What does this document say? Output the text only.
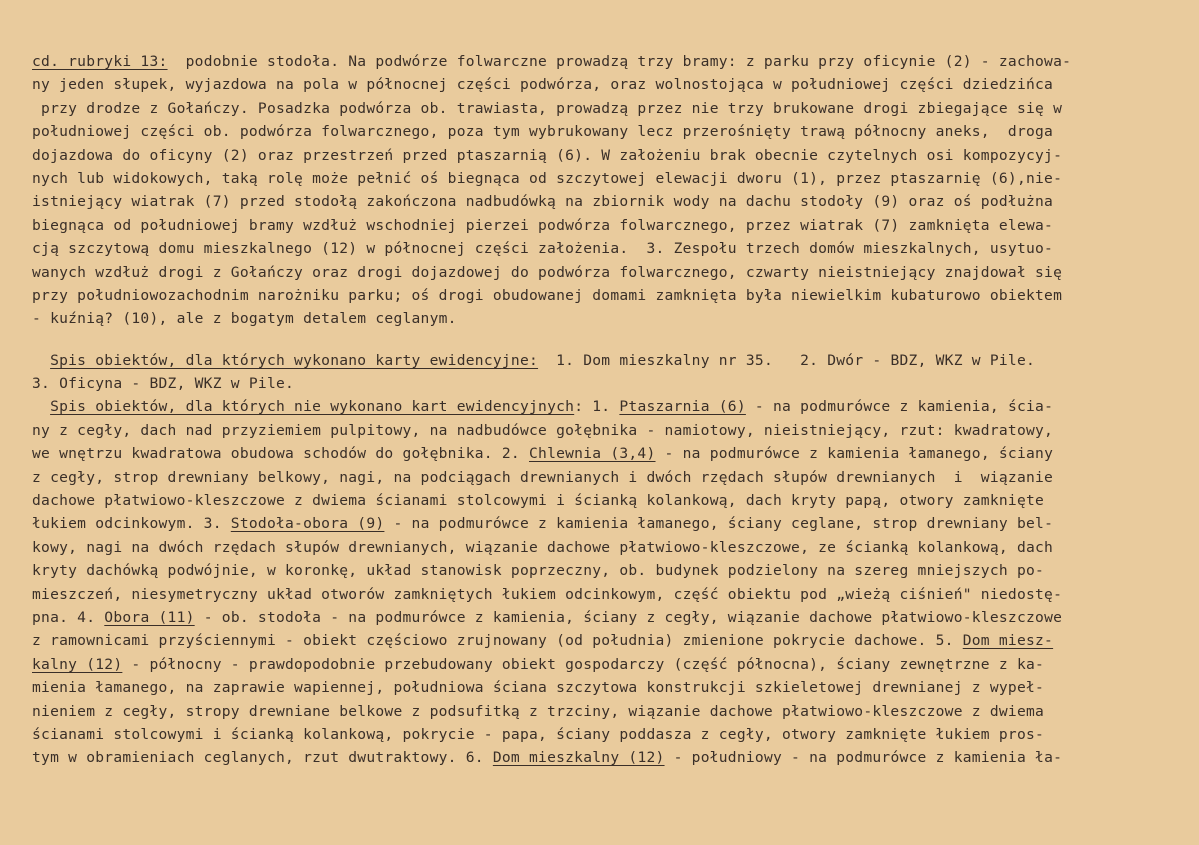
cd. rubryki 13:  podobnie stodoła. Na podwórze folwarczne prowadzą trzy bramy: z parku przy oficynie (2) - zachowa-
ny jeden słupek, wyjazdowa na pola w północnej części podwórza, oraz wolnostojąca w południowej części dziedzińca
przy drodze z Gołańczy. Posadzka podwórza ob. trawiasta, prowadzą przez nie trzy brukowane drogi zbiegające się w
południowej części ob. podwórza folwarcznego, poza tym wybrukowany lecz przerośnięty trawą północny aneks,  droga
dojazdowa do oficyny (2) oraz przestrzeń przed ptaszarnią (6). W założeniu brak obecnie czytelnych osi kompozycyj-
nych lub widokowych, taką rolę może pełnić oś biegnąca od szczytowej elewacji dworu (1), przez ptaszarnię (6),nie-
istniejący wiatrak (7) przed stodołą zakończona nadbudówką na zbiornik wody na dachu stodoły (9) oraz oś podłużna
biegnąca od południowej bramy wzdłuż wschodniej pierzei podwórza folwarcznego, przez wiatrak (7) zamknięta elewa-
cją szczytową domu mieszkalnego (12) w północnej części założenia.  3. Zespołu trzech domów mieszkalnych, usytuo-
wanych wzdłuż drogi z Gołańczy oraz drogi dojazdowej do podwórza folwarcznego, czwarty nieistniejący znajdował się
przy południowozachodnim narożniku parku; oś drogi obudowanej domami zamknięta była niewielkim kubaturowo obiektem
- kuźnią? (10), ale z bogatym detalem ceglanym.
Spis obiektów, dla których wykonano karty ewidencyjne:  1. Dom mieszkalny nr 35.   2. Dwór - BDZ, WKZ w Pile.
3. Oficyna - BDZ, WKZ w Pile.
Spis obiektów, dla których nie wykonano kart ewidencyjnych: 1. Ptaszarnia (6) - na podmurówce z kamienia, ścia-
ny z cegły, dach nad przyziemiem pulpitowy, na nadbudówce gołębnika - namiotowy, nieistniejący, rzut: kwadratowy,
we wnętrzu kwadratowa obudowa schodów do gołębnika. 2. Chlewnia (3,4) - na podmurówce z kamienia łamanego, ściany
z cegły, strop drewniany belkowy, nagi, na podciągach drewnianych i dwóch rzędach słupów drewnianych  i  wiązanie
dachowe płatwiowo-kleszczowe z dwiema ścianami stolcowymi i ścianką kolankową, dach kryty papą, otwory zamknięte
łukiem odcinkowym. 3. Stodoła-obora (9) - na podmurówce z kamienia łamanego, ściany ceglane, strop drewniany bel-
kowy, nagi na dwóch rzędach słupów drewnianych, wiązanie dachowe płatwiowo-kleszczowe, ze ścianką kolankową, dach
kryty dachówką podwójnie, w koronkę, układ stanowisk poprzeczny, ob. budynek podzielony na szereg mniejszych po-
mieszczeń, niesymetryczny układ otworów zamkniętych łukiem odcinkowym, część obiektu pod „wieżą ciśnień" niedostę-
pna. 4. Obora (11) - ob. stodoła - na podmurówce z kamienia, ściany z cegły, wiązanie dachowe płatwiowo-kleszczowe
z ramownicami przyściennymi - obiekt częściowo zrujnowany (od południa) zmienione pokrycie dachowe. 5. Dom miesz-
kalny (12) - północny - prawdopodobnie przebudowany obiekt gospodarczy (część północna), ściany zewnętrzne z ka-
mienia łamanego, na zaprawie wapiennej, południowa ściana szczytowa konstrukcji szkieletowej drewnianej z wypeł-
nieniem z cegły, stropy drewniane belkowe z podsufitką z trzciny, wiązanie dachowe płatwiowo-kleszczowe z dwiema
ścianami stolcowymi i ścianką kolankową, pokrycie - papa, ściany poddasza z cegły, otwory zamknięte łukiem pros-
tym w obramieniach ceglanych, rzut dwutraktowy. 6. Dom mieszkalny (12) - południowy - na podmurówce z kamienia ła-
